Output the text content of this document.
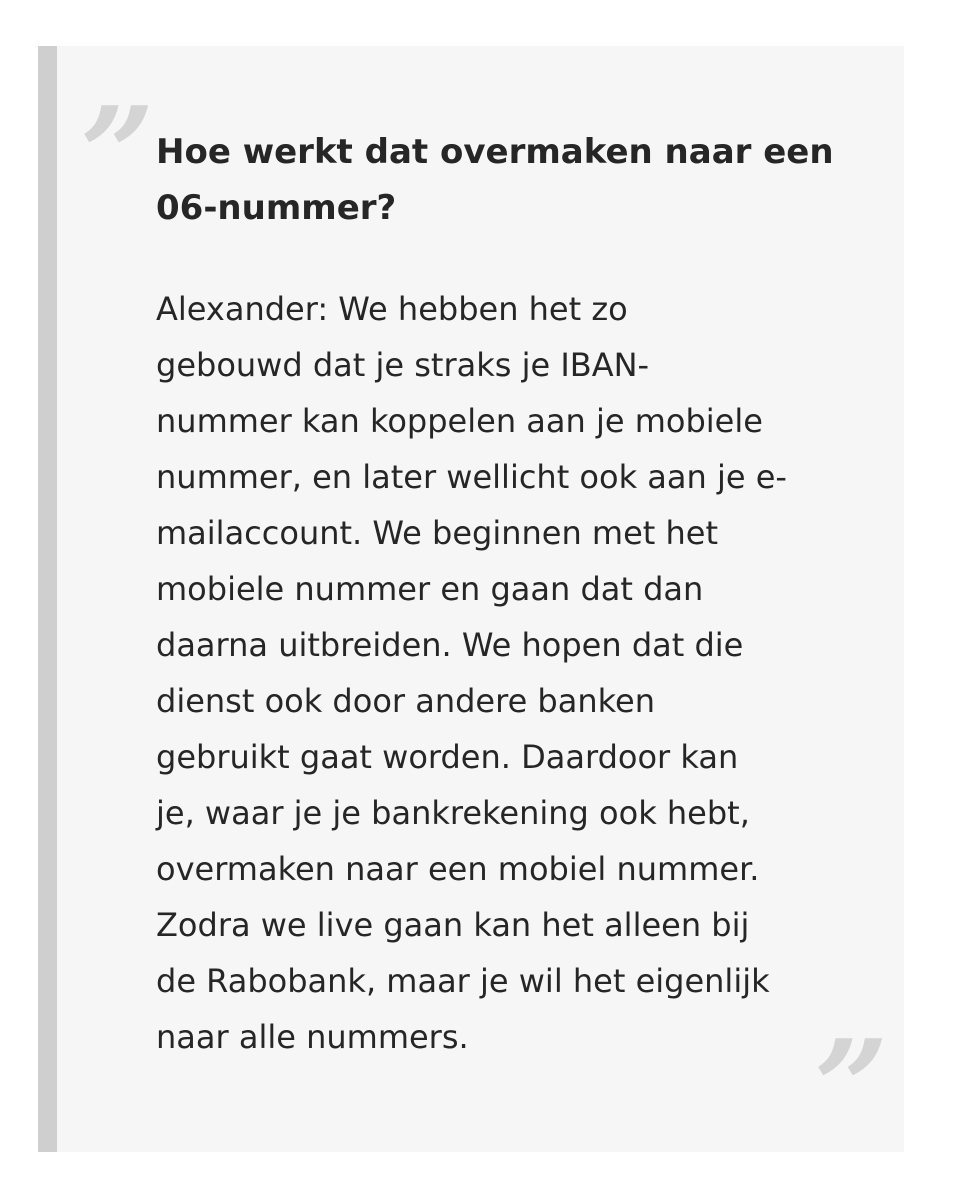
” Hoe werkt dat overmaken naar een
06-nummer?

Alexander: We hebben het zo
gebouwd dat je straks je IBAN-
nummer kan koppelen aan je mobiele
nummer, en later wellicht ook aan je e-
mailaccount. We beginnen met het
mobiele nummer en gaan dat dan
daarna uitbreiden. We hopen dat die
dienst ook door andere banken
gebruikt gaat worden. Daardoor kan
je, waar je je bankrekening ook hebt,
overmaken naar een mobiel nummer.
Zodra we live gaan kan het alleen bij
de Rabobank, maar je wil het eigenlijk
naar alle nummers.	”
